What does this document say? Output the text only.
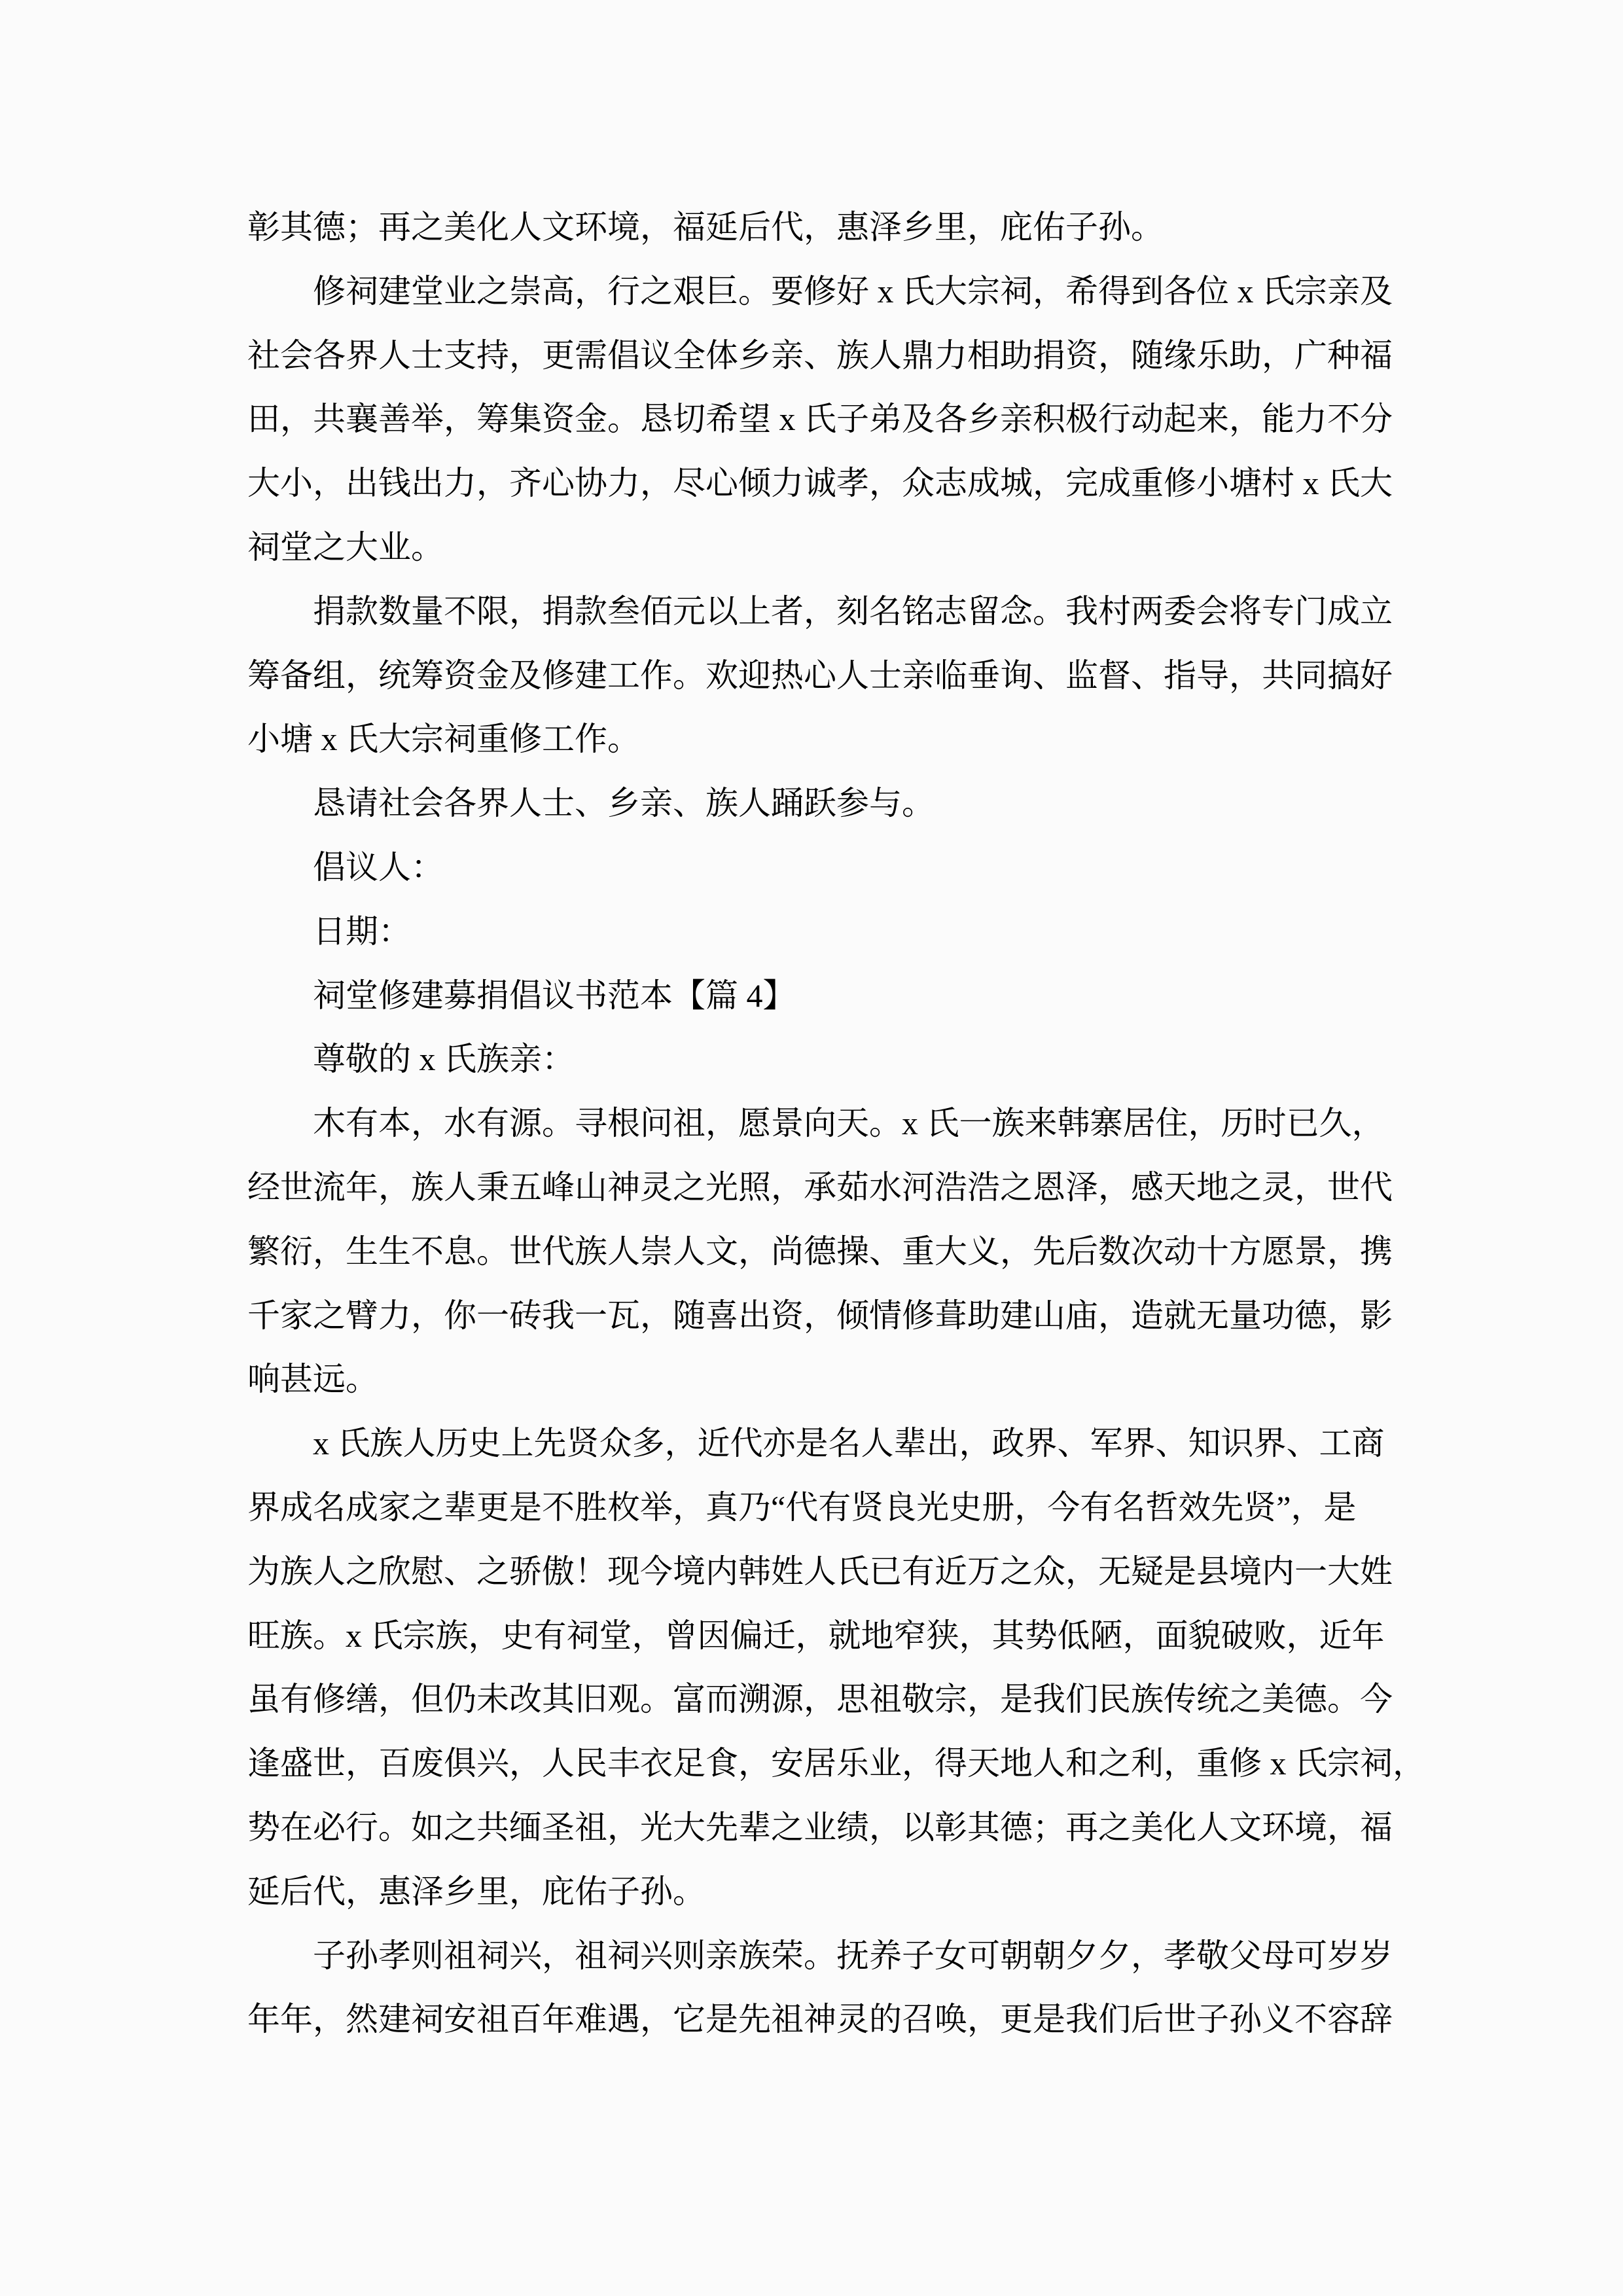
彰其德；再之美化人文环境，福延后代，惠泽乡里，庇佑子孙。

修祠建堂业之崇高，行之艰巨。要修好 x 氏大宗祠，希得到各位 x 氏宗亲及

社会各界人士支持，更需倡议全体乡亲、族人鼎力相助捐资，随缘乐助，广种福

田，共襄善举，筹集资金。恳切希望 x 氏子弟及各乡亲积极行动起来，能力不分

大小，出钱出力，齐心协力，尽心倾力诚孝，众志成城，完成重修小塘村 x 氏大

祠堂之大业。

捐款数量不限，捐款叁佰元以上者，刻名铭志留念。我村两委会将专门成立

筹备组，统筹资金及修建工作。欢迎热心人士亲临垂询、监督、指导，共同搞好

小塘 x 氏大宗祠重修工作。

恳请社会各界人士、乡亲、族人踊跃参与。

倡议人：

日期：

祠堂修建募捐倡议书范本【篇 4】

尊敬的 x 氏族亲：

木有本，水有源。寻根问祖，愿景向天。x 氏一族来韩寨居住，历时已久，

经世流年，族人秉五峰山神灵之光照，承茹水河浩浩之恩泽，感天地之灵，世代

繁衍，生生不息。世代族人崇人文，尚德操、重大义，先后数次动十方愿景，携

千家之臂力，你一砖我一瓦，随喜出资，倾情修葺助建山庙，造就无量功德，影

响甚远。

x 氏族人历史上先贤众多，近代亦是名人辈出，政界、军界、知识界、工商

界成名成家之辈更是不胜枚举，真乃“代有贤良光史册，今有名哲效先贤”，是

为族人之欣慰、之骄傲！现今境内韩姓人氏已有近万之众，无疑是县境内一大姓

旺族。x 氏宗族，史有祠堂，曾因偏迁，就地窄狭，其势低陋，面貌破败，近年

虽有修缮，但仍未改其旧观。富而溯源，思祖敬宗，是我们民族传统之美德。今

逢盛世，百废俱兴，人民丰衣足食，安居乐业，得天地人和之利，重修 x 氏宗祠，

势在必行。如之共缅圣祖，光大先辈之业绩，以彰其德；再之美化人文环境，福

延后代，惠泽乡里，庇佑子孙。

子孙孝则祖祠兴，祖祠兴则亲族荣。抚养子女可朝朝夕夕，孝敬父母可岁岁

年年，然建祠安祖百年难遇，它是先祖神灵的召唤，更是我们后世子孙义不容辞
